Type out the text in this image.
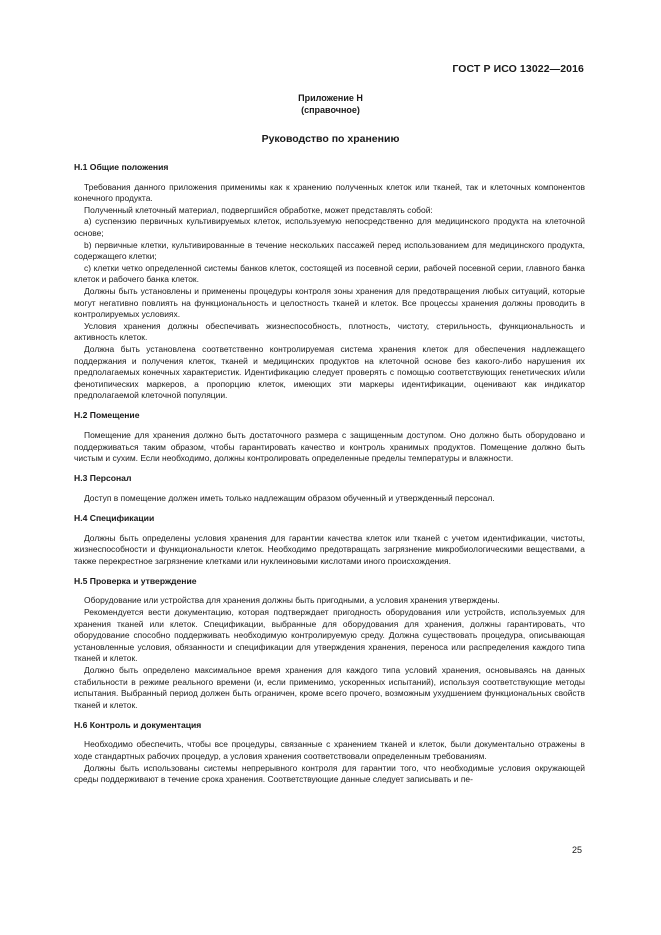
ГОСТ Р ИСО 13022—2016
Приложение Н
(справочное)
Руководство по хранению
Н.1 Общие положения

Требования данного приложения применимы как к хранению полученных клеток или тканей, так и клеточных компонентов конечного продукта.

Полученный клеточный материал, подвергшийся обработке, может представлять собой:

a) суспензию первичных культивируемых клеток, используемую непосредственно для медицинского продукта на клеточной основе;

b) первичные клетки, культивированные в течение нескольких пассажей перед использованием для медицинского продукта, содержащего клетки;

c) клетки четко определенной системы банков клеток, состоящей из посевной серии, рабочей посевной серии, главного банка клеток и рабочего банка клеток.

Должны быть установлены и применены процедуры контроля зоны хранения для предотвращения любых ситуаций, которые могут негативно повлиять на функциональность и целостность тканей и клеток. Все процессы хранения должны проводить в контролируемых условиях.

Условия хранения должны обеспечивать жизнеспособность, плотность, чистоту, стерильность, функциональность и активность клеток.

Должна быть установлена соответственно контролируемая система хранения клеток для обеспечения надлежащего поддержания и получения клеток, тканей и медицинских продуктов на клеточной основе без какого-либо нарушения их предполагаемых конечных характеристик. Идентификацию следует проверять с помощью соответствующих генетических и/или фенотипических маркеров, а пропорцию клеток, имеющих эти маркеры идентификации, оценивают как индикатор предполагаемой клеточной популяции.

Н.2 Помещение

Помещение для хранения должно быть достаточного размера с защищенным доступом. Оно должно быть оборудовано и поддерживаться таким образом, чтобы гарантировать качество и контроль хранимых продуктов. Помещение должно быть чистым и сухим. Если необходимо, должны контролировать определенные пределы температуры и влажности.

Н.3 Персонал

Доступ в помещение должен иметь только надлежащим образом обученный и утвержденный персонал.

Н.4 Спецификации

Должны быть определены условия хранения для гарантии качества клеток или тканей с учетом идентификации, чистоты, жизнеспособности и функциональности клеток. Необходимо предотвращать загрязнение микробиологическими веществами, а также перекрестное загрязнение клетками или нуклеиновыми кислотами иного происхождения.

Н.5 Проверка и утверждение

Оборудование или устройства для хранения должны быть пригодными, а условия хранения утверждены.

Рекомендуется вести документацию, которая подтверждает пригодность оборудования или устройств, используемых для хранения тканей или клеток. Спецификации, выбранные для оборудования для хранения, должны гарантировать, что оборудование способно поддерживать необходимую контролируемую среду. Должна существовать процедура, описывающая установленные условия, обязанности и спецификации для утверждения хранения, переноса или распределения каждого типа тканей и клеток.

Должно быть определено максимальное время хранения для каждого типа условий хранения, основываясь на данных стабильности в режиме реального времени (и, если применимо, ускоренных испытаний), используя соответствующие методы испытания. Выбранный период должен быть ограничен, кроме всего прочего, возможным ухудшением функциональных свойств тканей и клеток.

Н.6 Контроль и документация

Необходимо обеспечить, чтобы все процедуры, связанные с хранением тканей и клеток, были документально отражены в ходе стандартных рабочих процедур, а условия хранения соответствовали определенным требованиям.

Должны быть использованы системы непрерывного контроля для гарантии того, что необходимые условия окружающей среды поддерживают в течение срока хранения. Соответствующие данные следует записывать и пе-

25
